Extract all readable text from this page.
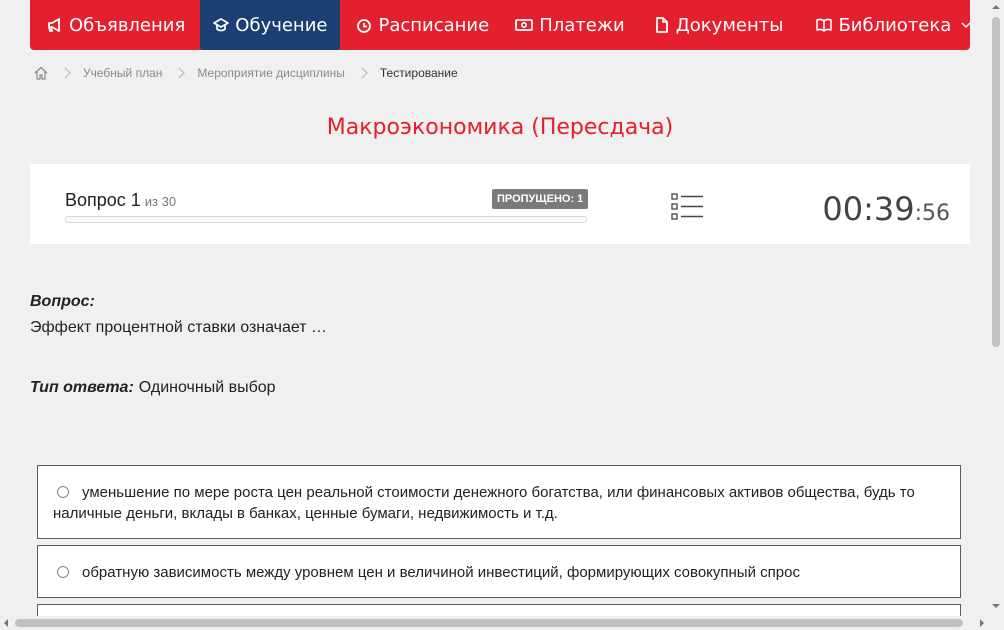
Объявления	Обучение	Расписание	Платежи	Документы	Библиотека
Учебный план	Мероприятие дисциплины	Тестирование
Макроэкономика (Пересдача)
Вопрос 1 из 30	ПРОПУЩЕНО: 1	00:39:56
Вопрос:
Эффект процентной ставки означает …
Тип ответа: Одиночный выбор
уменьшение по мере роста цен реальной стоимости денежного богатства, или финансовых активов общества, будь то наличные деньги, вклады в банках, ценные бумаги, недвижимость и т.д.
обратную зависимость между уровнем цен и величиной инвестиций, формирующих совокупный спрос
